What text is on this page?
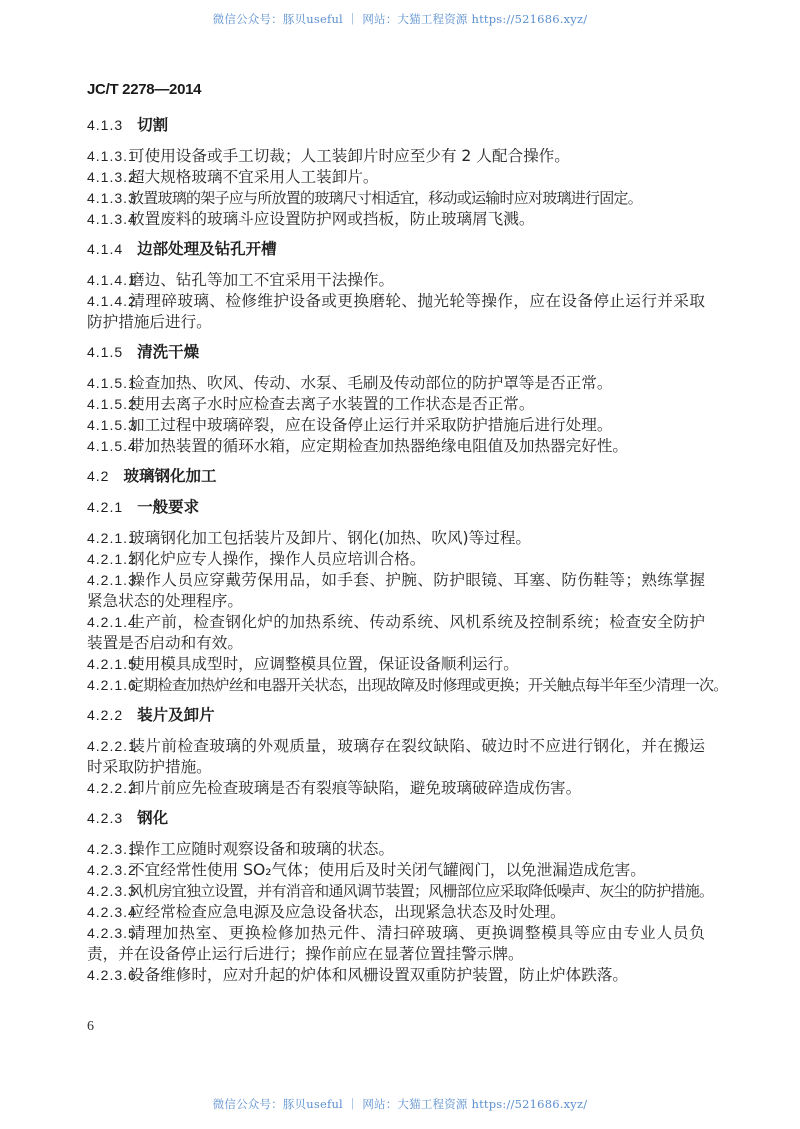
微信公众号：豚贝useful ｜ 网站：大猫工程资源 https://521686.xyz/
JC/T 2278—2014
4.1.3 切割
4.1.3.1可使用设备或手工切裁；人工装卸片时应至少有 2 人配合操作。
4.1.3.2超大规格玻璃不宜采用人工装卸片。
4.1.3.3放置玻璃的架子应与所放置的玻璃尺寸相适宜，移动或运输时应对玻璃进行固定。
4.1.3.4放置废料的玻璃斗应设置防护网或挡板，防止玻璃屑飞溅。
4.1.4 边部处理及钻孔开槽
4.1.4.1磨边、钻孔等加工不宜采用干法操作。
4.1.4.2清理碎玻璃、检修维护设备或更换磨轮、抛光轮等操作，应在设备停止运行并采取防护措施后进行。
4.1.5 清洗干燥
4.1.5.1检查加热、吹风、传动、水泵、毛刷及传动部位的防护罩等是否正常。
4.1.5.2使用去离子水时应检查去离子水装置的工作状态是否正常。
4.1.5.3加工过程中玻璃碎裂，应在设备停止运行并采取防护措施后进行处理。
4.1.5.4带加热装置的循环水箱，应定期检查加热器绝缘电阻值及加热器完好性。
4.2 玻璃钢化加工
4.2.1 一般要求
4.2.1.1玻璃钢化加工包括装片及卸片、钢化(加热、吹风)等过程。
4.2.1.2钢化炉应专人操作，操作人员应培训合格。
4.2.1.3操作人员应穿戴劳保用品，如手套、护腕、防护眼镜、耳塞、防伤鞋等；熟练掌握紧急状态的处理程序。
4.2.1.4生产前，检查钢化炉的加热系统、传动系统、风机系统及控制系统；检查安全防护装置是否启动和有效。
4.2.1.5使用模具成型时，应调整模具位置，保证设备顺利运行。
4.2.1.6定期检查加热炉丝和电器开关状态，出现故障及时修理或更换；开关触点每半年至少清理一次。
4.2.2 装片及卸片
4.2.2.1装片前检查玻璃的外观质量，玻璃存在裂纹缺陷、破边时不应进行钢化，并在搬运时采取防护措施。
4.2.2.2卸片前应先检查玻璃是否有裂痕等缺陷，避免玻璃破碎造成伤害。
4.2.3 钢化
4.2.3.1操作工应随时观察设备和玻璃的状态。
4.2.3.2不宜经常性使用 SO₂气体；使用后及时关闭气罐阀门，以免泄漏造成危害。
4.2.3.3风机房宜独立设置，并有消音和通风调节装置；风栅部位应采取降低噪声、灰尘的防护措施。
4.2.3.4应经常检查应急电源及应急设备状态，出现紧急状态及时处理。
4.2.3.5清理加热室、更换检修加热元件、清扫碎玻璃、更换调整模具等应由专业人员负责，并在设备停止运行后进行；操作前应在显著位置挂警示牌。
4.2.3.6设备维修时，应对升起的炉体和风栅设置双重防护装置，防止炉体跌落。
6
微信公众号：豚贝useful ｜ 网站：大猫工程资源 https://521686.xyz/
